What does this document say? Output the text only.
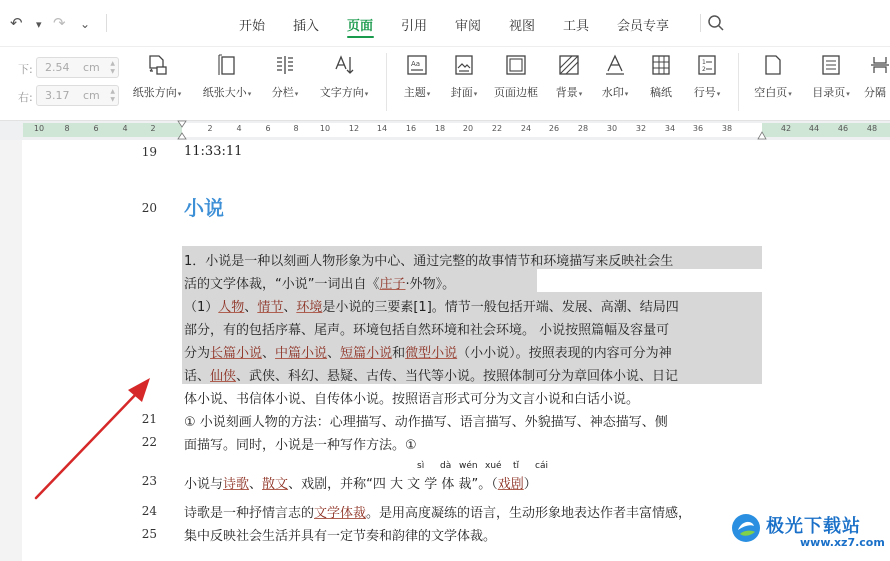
↶ ▾ ↷ ⌄	开始 插入 页面 引用 审阅 视图 工具 会员专享
下: 2.54 cm ▲
▼
右: 3.17 cm ▲
▼
纸张方向▾	纸张大小▾	分栏▾	文字方向▾
Aa
主题▾	封面▾	页面边框	背景▾	水印▾	稿纸
1
2
行号▾	空白页▾	目录页▾	分隔
10	8	6	4	2	2	4	6	8	10 12 14 16 18 20 22 24 26 28 30 32 34 36 38	42 44 46 48
19 11:33:11
20 小说
1．小说是一种以刻画人物形象为中心、通过完整的故事情节和环境描写来反映社会生
活的文学体裁，“小说”一词出自《庄子·外物》。
（1）人物、情节、环境是小说的三要素[1]。情节一般包括开端、发展、高潮、结局四
部分，有的包括序幕、尾声。环境包括自然环境和社会环境。 小说按照篇幅及容量可
分为长篇小说、中篇小说、短篇小说和微型小说（小小说）。按照表现的内容可分为神
话、仙侠、武侠、科幻、悬疑、古传、当代等小说。按照体制可分为章回体小说、日记
体小说、书信体小说、自传体小说。按照语言形式可分为文言小说和白话小说。
21 ① 小说刻画人物的方法：心理描写、动作描写、语言描写、外貌描写、神态描写、侧
22 面描写。同时，小说是一种写作方法。①
23
sì dà wén xué tǐ cái
小说与诗歌、散文、戏剧，并称“四 大 文 学 体 裁”。（戏剧）
24 诗歌是一种抒情言志的文学体裁。是用高度凝练的语言，生动形象地表达作者丰富情感，
25 集中反映社会生活并具有一定节奏和韵律的文学体裁。	极光下载站
www.xz7.com
